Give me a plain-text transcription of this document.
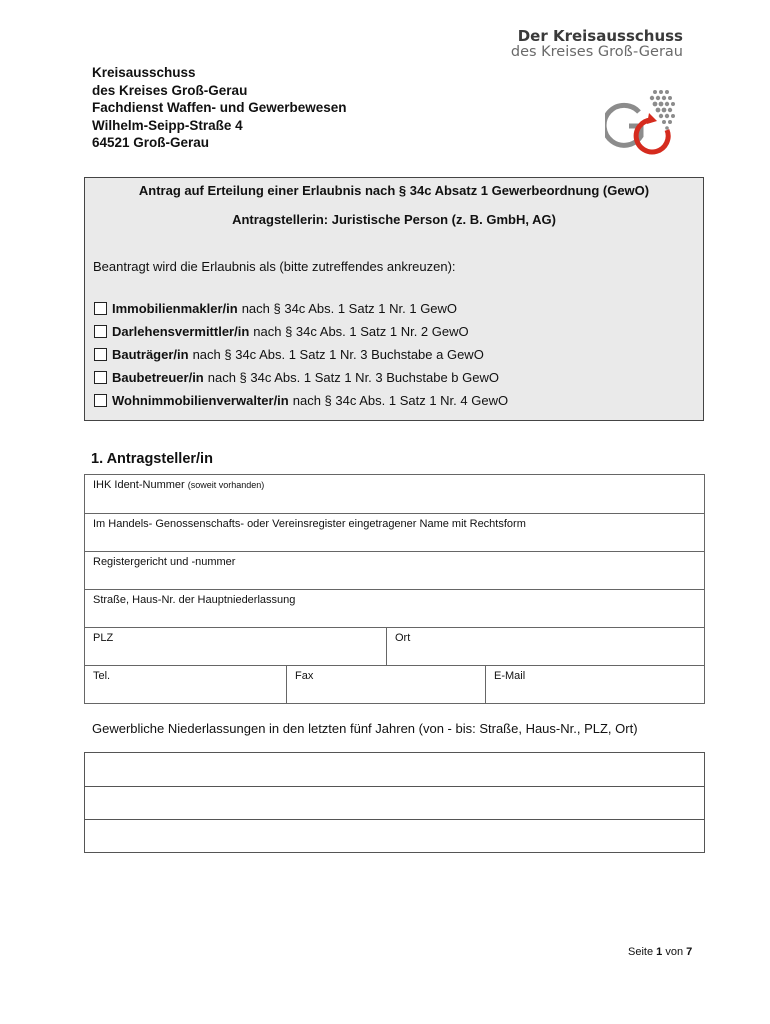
Der Kreisausschuss
des Kreises Groß-Gerau
Kreisausschuss
des Kreises Groß-Gerau
Fachdienst Waffen- und Gewerbewesen
Wilhelm-Seipp-Straße 4
64521 Groß-Gerau
Antrag auf Erteilung einer Erlaubnis nach § 34c Absatz 1 Gewerbeordnung (GewO)
Antragstellerin: Juristische Person (z. B. GmbH, AG)
Beantragt wird die Erlaubnis als (bitte zutreffendes ankreuzen):
Immobilienmakler/in nach § 34c Abs. 1 Satz 1 Nr. 1 GewO
Darlehensvermittler/in nach § 34c Abs. 1 Satz 1 Nr. 2 GewO
Bauträger/in nach § 34c Abs. 1 Satz 1 Nr. 3 Buchstabe a GewO
Baubetreuer/in nach § 34c Abs. 1 Satz 1 Nr. 3 Buchstabe b GewO
Wohnimmobilienverwalter/in nach § 34c Abs. 1 Satz 1 Nr. 4 GewO
1. Antragsteller/in
IHK Ident-Nummer (soweit vorhanden)
Im Handels- Genossenschafts- oder Vereinsregister eingetragener Name mit Rechtsform
Registergericht und -nummer
Straße, Haus-Nr. der Hauptniederlassung
PLZ	Ort
Tel.	Fax	E-Mail
Gewerbliche Niederlassungen in den letzten fünf Jahren (von - bis: Straße, Haus-Nr., PLZ, Ort)
Seite 1 von 7
